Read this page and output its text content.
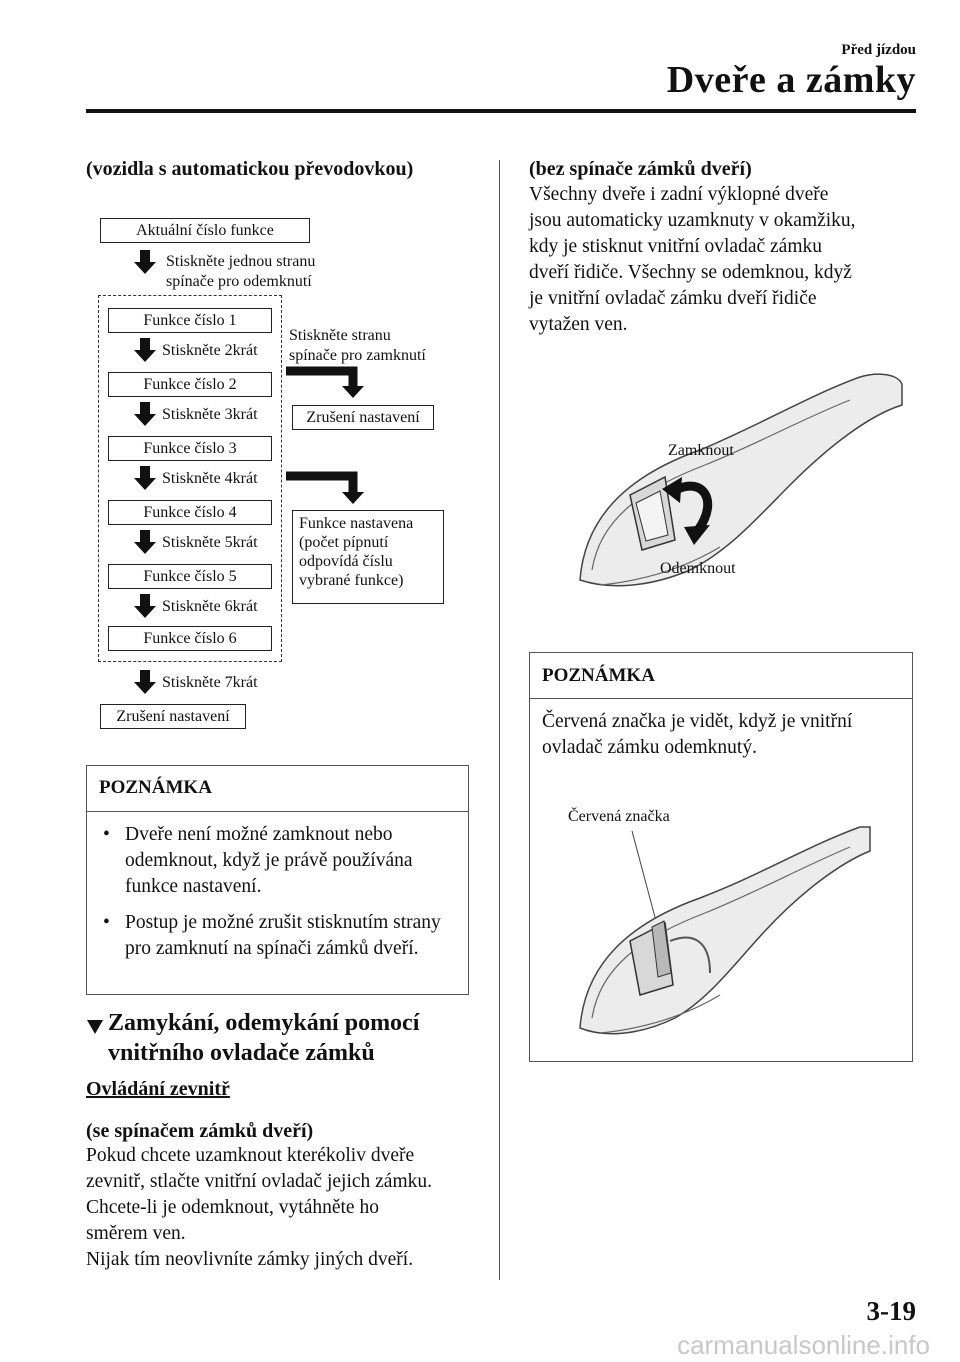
Před jízdou
Dveře a zámky
(vozidla s automatickou převodovkou)
Aktuální číslo funkce
Stiskněte jednou stranu
spínače pro odemknutí
Funkce číslo 1
Stiskněte 2krát
Funkce číslo 2
Stiskněte 3krát
Funkce číslo 3
Stiskněte 4krát
Funkce číslo 4
Stiskněte 5krát
Funkce číslo 5
Stiskněte 6krát
Funkce číslo 6
Stiskněte 7krát
Zrušení nastavení
Stiskněte stranu
spínače pro zamknutí
Zrušení nastavení
Funkce nastavena
(počet pípnutí
odpovídá číslu
vybrané funkce)
POZNÁMKA
• Dveře není možné zamknout nebo odemknout, když je právě používána funkce nastavení.
• Postup je možné zrušit stisknutím strany pro zamknutí na spínači zámků dveří.
Zamykání, odemykání pomocí
vnitřního ovladače zámků
Ovládání zevnitř
(se spínačem zámků dveří)
Pokud chcete uzamknout kterékoliv dveře
zevnitř, stlačte vnitřní ovladač jejich zámku.
Chcete-li je odemknout, vytáhněte ho
směrem ven.
Nijak tím neovlivníte zámky jiných dveří.
(bez spínače zámků dveří)
Všechny dveře i zadní výklopné dveře
jsou automaticky uzamknuty v okamžiku,
kdy je stisknut vnitřní ovladač zámku
dveří řidiče. Všechny se odemknou, když
je vnitřní ovladač zámku dveří řidiče
vytažen ven.
Zamknout
Odemknout
POZNÁMKA
Červená značka je vidět, když je vnitřní
ovladač zámku odemknutý.
Červená značka
3-19
carmanualsonline.info
